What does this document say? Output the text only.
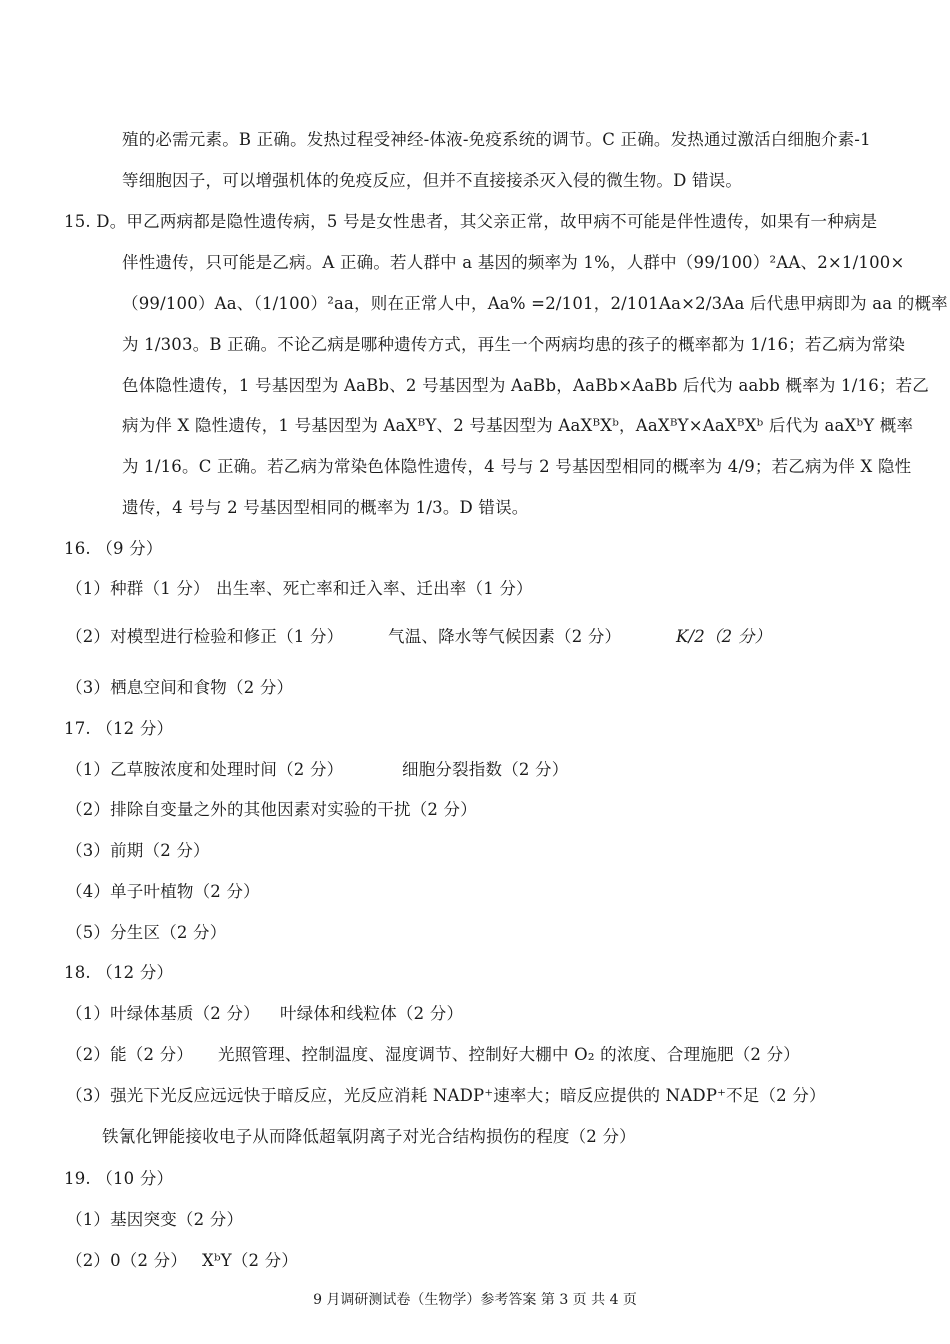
殖的必需元素。B 正确。发热过程受神经-体液-免疫系统的调节。C 正确。发热通过激活白细胞介素-1
等细胞因子，可以增强机体的免疫反应，但并不直接接杀灭入侵的微生物。D 错误。
15. D。甲乙两病都是隐性遗传病，5 号是女性患者，其父亲正常，故甲病不可能是伴性遗传，如果有一种病是
伴性遗传，只可能是乙病。A 正确。若人群中 a 基因的频率为 1%，人群中（99/100）²AA、2×1/100×
（99/100）Aa、（1/100）²aa，则在正常人中，Aa% =2/101，2/101Aa×2/3Aa 后代患甲病即为 aa 的概率
为 1/303。B 正确。不论乙病是哪种遗传方式，再生一个两病均患的孩子的概率都为 1/16；若乙病为常染
色体隐性遗传，1 号基因型为 AaBb、2 号基因型为 AaBb，AaBb×AaBb 后代为 aabb 概率为 1/16；若乙
病为伴 X 隐性遗传，1 号基因型为 AaXᴮY、2 号基因型为 AaXᴮXᵇ，AaXᴮY×AaXᴮXᵇ 后代为 aaXᵇY 概率
为 1/16。C 正确。若乙病为常染色体隐性遗传，4 号与 2 号基因型相同的概率为 4/9；若乙病为伴 X 隐性
遗传，4 号与 2 号基因型相同的概率为 1/3。D 错误。
16. （9 分）
（1）种群（1 分） 出生率、死亡率和迁入率、迁出率（1 分）
（2）对模型进行检验和修正（1 分）	气温、降水等气候因素（2 分）	K/2（2 分）
（3）栖息空间和食物（2 分）
17. （12 分）
（1）乙草胺浓度和处理时间（2 分）	细胞分裂指数（2 分）
（2）排除自变量之外的其他因素对实验的干扰（2 分）
（3）前期（2 分）
（4）单子叶植物（2 分）
（5）分生区（2 分）
18. （12 分）
（1）叶绿体基质（2 分） 叶绿体和线粒体（2 分）
（2）能（2 分） 光照管理、控制温度、湿度调节、控制好大棚中 O₂ 的浓度、合理施肥（2 分）
（3）强光下光反应远远快于暗反应，光反应消耗 NADP⁺速率大；暗反应提供的 NADP⁺不足（2 分）
铁氰化钾能接收电子从而降低超氧阴离子对光合结构损伤的程度（2 分）
19. （10 分）
（1）基因突变（2 分）
（2）0（2 分） XᵇY（2 分）
9 月调研测试卷（生物学）参考答案 第 3 页 共 4 页
